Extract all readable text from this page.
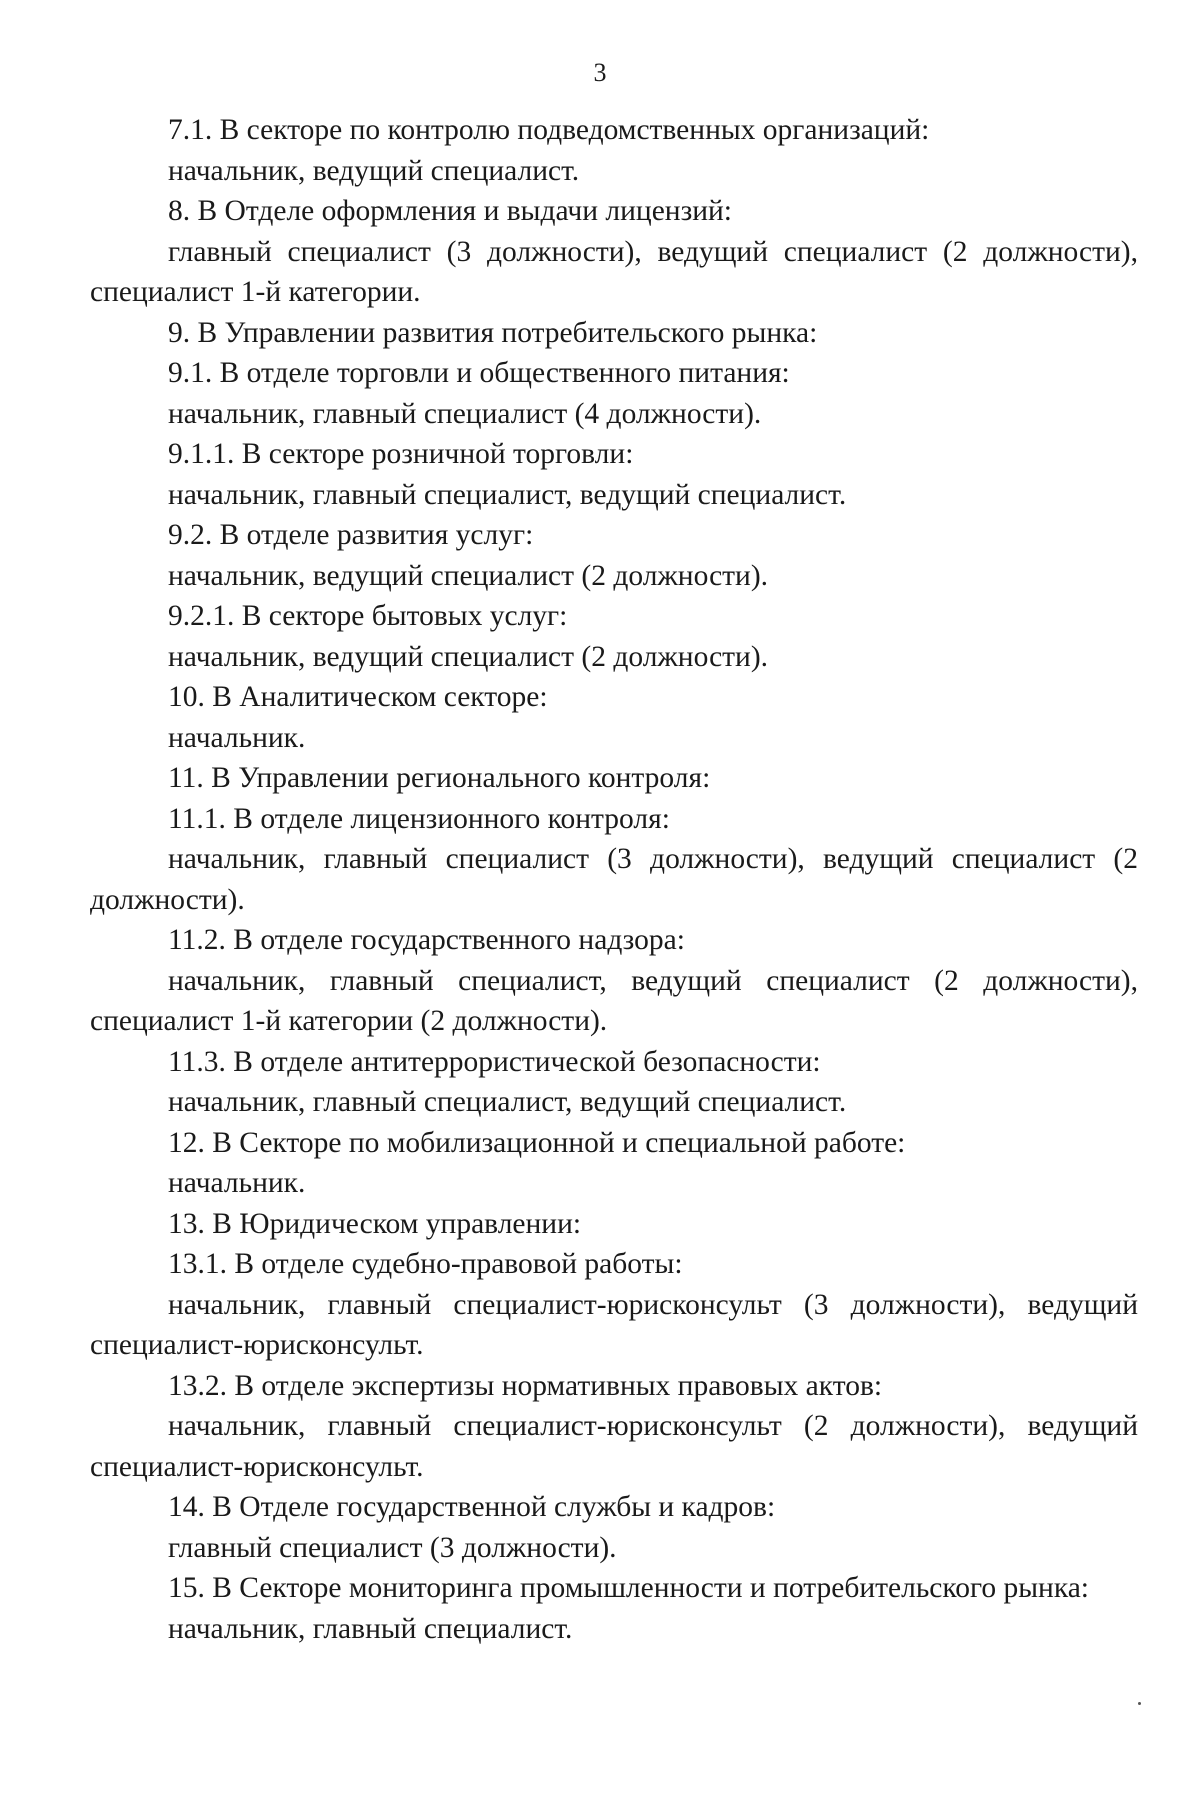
3

7.1. В секторе по контролю подведомственных организаций:

начальник, ведущий специалист.

8. В Отделе оформления и выдачи лицензий:

главный специалист (3 должности), ведущий специалист (2 должности), специалист 1-й категории.

9. В Управлении развития потребительского рынка:

9.1. В отделе торговли и общественного питания:

начальник, главный специалист (4 должности).

9.1.1. В секторе розничной торговли:

начальник, главный специалист, ведущий специалист.

9.2. В отделе развития услуг:

начальник, ведущий специалист (2 должности).

9.2.1. В секторе бытовых услуг:

начальник, ведущий специалист (2 должности).

10. В Аналитическом секторе:

начальник.

11. В Управлении регионального контроля:

11.1. В отделе лицензионного контроля:

начальник, главный специалист (3 должности), ведущий специалист (2 должности).

11.2. В отделе государственного надзора:

начальник, главный специалист, ведущий специалист (2 должности), специалист 1-й категории (2 должности).

11.3. В отделе антитеррористической безопасности:

начальник, главный специалист, ведущий специалист.

12. В Секторе по мобилизационной и специальной работе:

начальник.

13. В Юридическом управлении:

13.1. В отделе судебно-правовой работы:

начальник, главный специалист-юрисконсульт (3 должности), ведущий специалист-юрисконсульт.

13.2. В отделе экспертизы нормативных правовых актов:

начальник, главный специалист-юрисконсульт (2 должности), ведущий специалист-юрисконсульт.

14. В Отделе государственной службы и кадров:

главный специалист (3 должности).

15. В Секторе мониторинга промышленности и потребительского рынка:

начальник, главный специалист.
